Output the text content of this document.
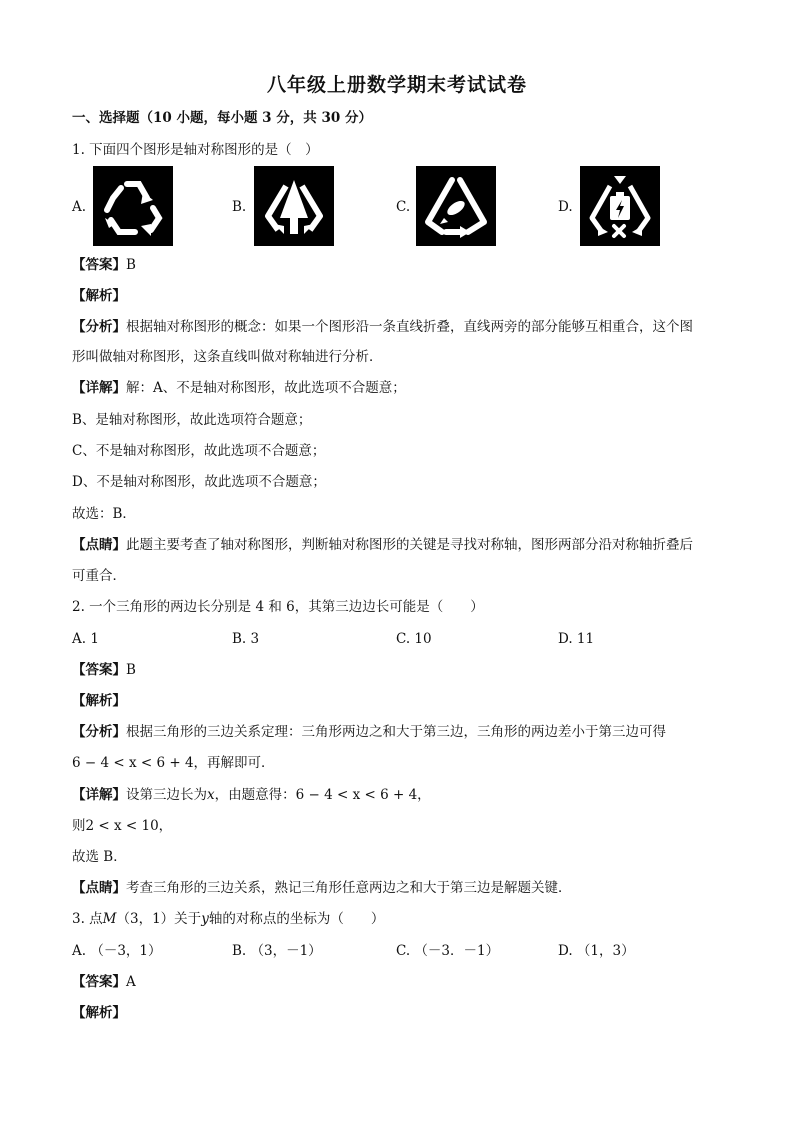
八年级上册数学期末考试试卷
一、选择题（10 小题，每小题 3 分，共 30 分）
1. 下面四个图形是轴对称图形的是（　）
A.	B.	C.	D.
【答案】B
【解析】
【分析】根据轴对称图形的概念：如果一个图形沿一条直线折叠，直线两旁的部分能够互相重合，这个图
形叫做轴对称图形，这条直线叫做对称轴进行分析．
【详解】解：A、不是轴对称图形，故此选项不合题意；
B、是轴对称图形，故此选项符合题意；
C、不是轴对称图形，故此选项不合题意；
D、不是轴对称图形，故此选项不合题意；
故选：B．
【点睛】此题主要考查了轴对称图形，判断轴对称图形的关键是寻找对称轴，图形两部分沿对称轴折叠后
可重合．
2. 一个三角形的两边长分别是 4 和 6，其第三边边长可能是（　　）
A. 1	B. 3	C. 10	D. 11
【答案】B
【解析】
【分析】根据三角形的三边关系定理：三角形两边之和大于第三边，三角形的两边差小于第三边可得
6 − 4 < x < 6 + 4，再解即可．
【详解】设第三边长为x，由题意得：6 − 4 < x < 6 + 4，
则2 < x < 10，
故选 B．
【点睛】考查三角形的三边关系，熟记三角形任意两边之和大于第三边是解题关键．
3. 点M（3，1）关于y轴的对称点的坐标为（　　）
A. （－3，1）	B. （3，－1）	C. （－3．－1）	D. （1，3）
【答案】A
【解析】
